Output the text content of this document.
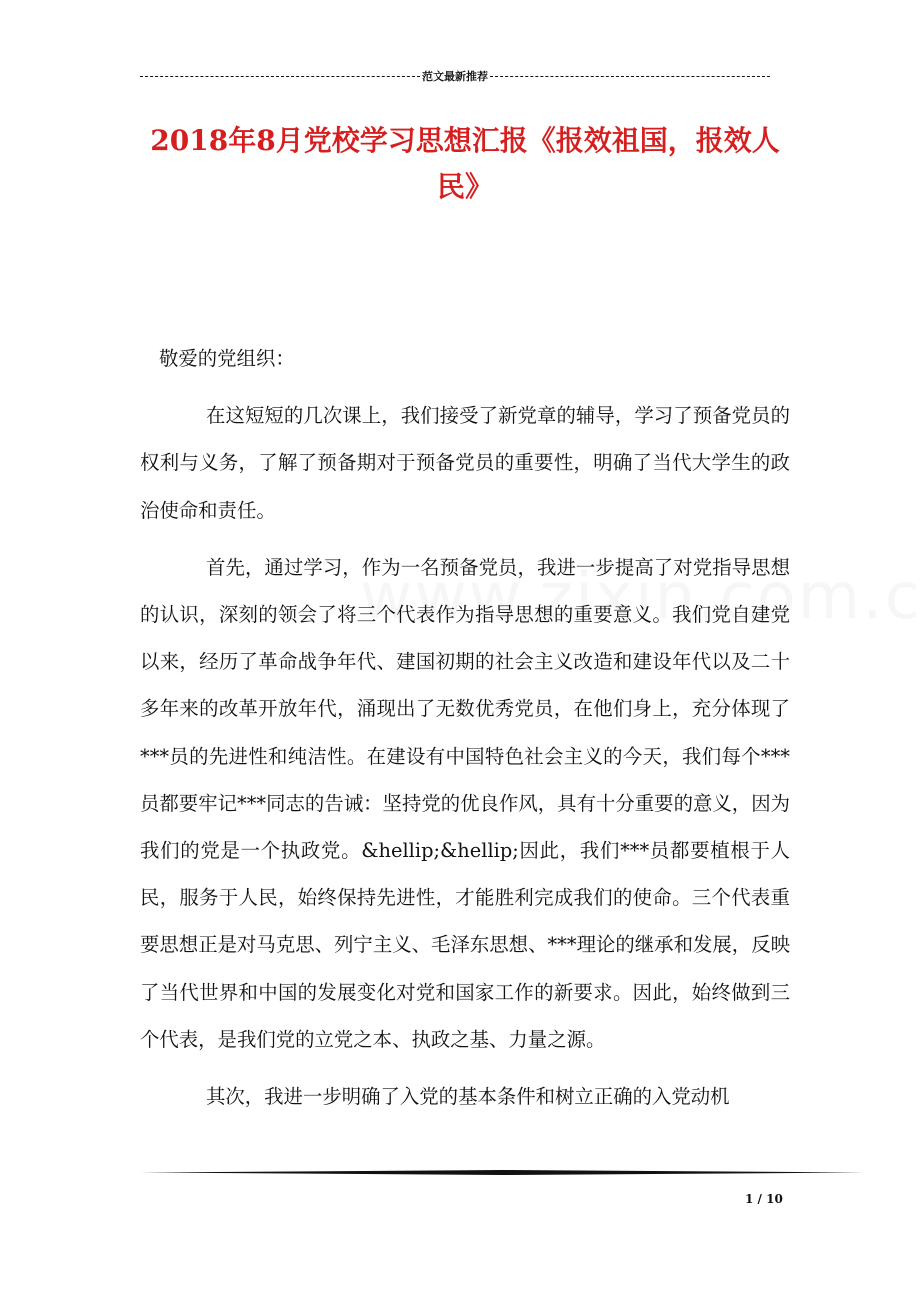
范文最新推荐
2018年8月党校学习思想汇报《报效祖国，报效人民》

敬爱的党组织：

在这短短的几次课上，我们接受了新党章的辅导，学习了预备党员的权利与义务，了解了预备期对于预备党员的重要性，明确了当代大学生的政治使命和责任。

首先，通过学习，作为一名预备党员，我进一步提高了对党指导思想的认识，深刻的领会了将三个代表作为指导思想的重要意义。我们党自建党以来，经历了革命战争年代、建国初期的社会主义改造和建设年代以及二十多年来的改革开放年代，涌现出了无数优秀党员，在他们身上，充分体现了***员的先进性和纯洁性。在建设有中国特色社会主义的今天，我们每个***员都要牢记***同志的告诫：坚持党的优良作风，具有十分重要的意义，因为我们的党是一个执政党。&hellip;&hellip;因此，我们***员都要植根于人民，服务于人民，始终保持先进性，才能胜利完成我们的使命。三个代表重要思想正是对马克思、列宁主义、毛泽东思想、***理论的继承和发展，反映了当代世界和中国的发展变化对党和国家工作的新要求。因此，始终做到三个代表，是我们党的立党之本、执政之基、力量之源。

其次，我进一步明确了入党的基本条件和树立正确的入党动机

1 / 10
